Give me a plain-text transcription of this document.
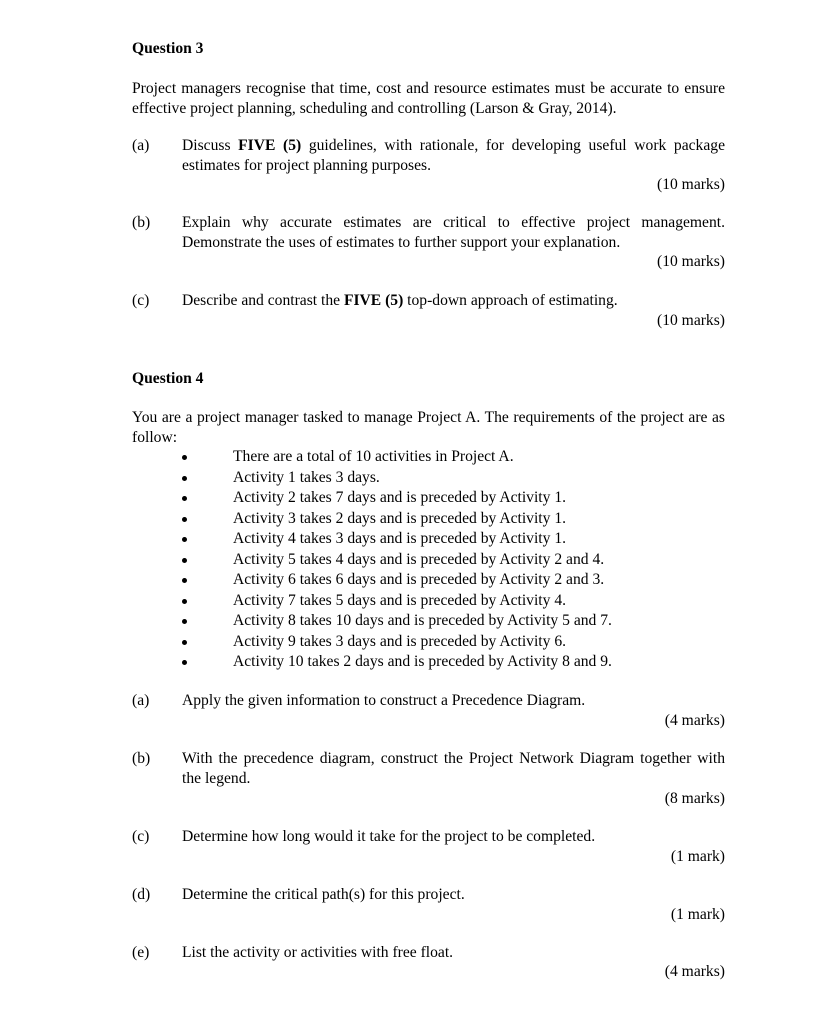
Question 3
Project managers recognise that time, cost and resource estimates must be accurate to ensure effective project planning, scheduling and controlling (Larson & Gray, 2014).
(a) Discuss FIVE (5) guidelines, with rationale, for developing useful work package estimates for project planning purposes.
(10 marks)
(b) Explain why accurate estimates are critical to effective project management. Demonstrate the uses of estimates to further support your explanation.
(10 marks)
(c) Describe and contrast the FIVE (5) top-down approach of estimating.
(10 marks)
Question 4
You are a project manager tasked to manage Project A. The requirements of the project are as follow:
There are a total of 10 activities in Project A.
Activity 1 takes 3 days.
Activity 2 takes 7 days and is preceded by Activity 1.
Activity 3 takes 2 days and is preceded by Activity 1.
Activity 4 takes 3 days and is preceded by Activity 1.
Activity 5 takes 4 days and is preceded by Activity 2 and 4.
Activity 6 takes 6 days and is preceded by Activity 2 and 3.
Activity 7 takes 5 days and is preceded by Activity 4.
Activity 8 takes 10 days and is preceded by Activity 5 and 7.
Activity 9 takes 3 days and is preceded by Activity 6.
Activity 10 takes 2 days and is preceded by Activity 8 and 9.
(a) Apply the given information to construct a Precedence Diagram.
(4 marks)
(b) With the precedence diagram, construct the Project Network Diagram together with the legend.
(8 marks)
(c) Determine how long would it take for the project to be completed.
(1 mark)
(d) Determine the critical path(s) for this project.
(1 mark)
(e) List the activity or activities with free float.
(4 marks)
